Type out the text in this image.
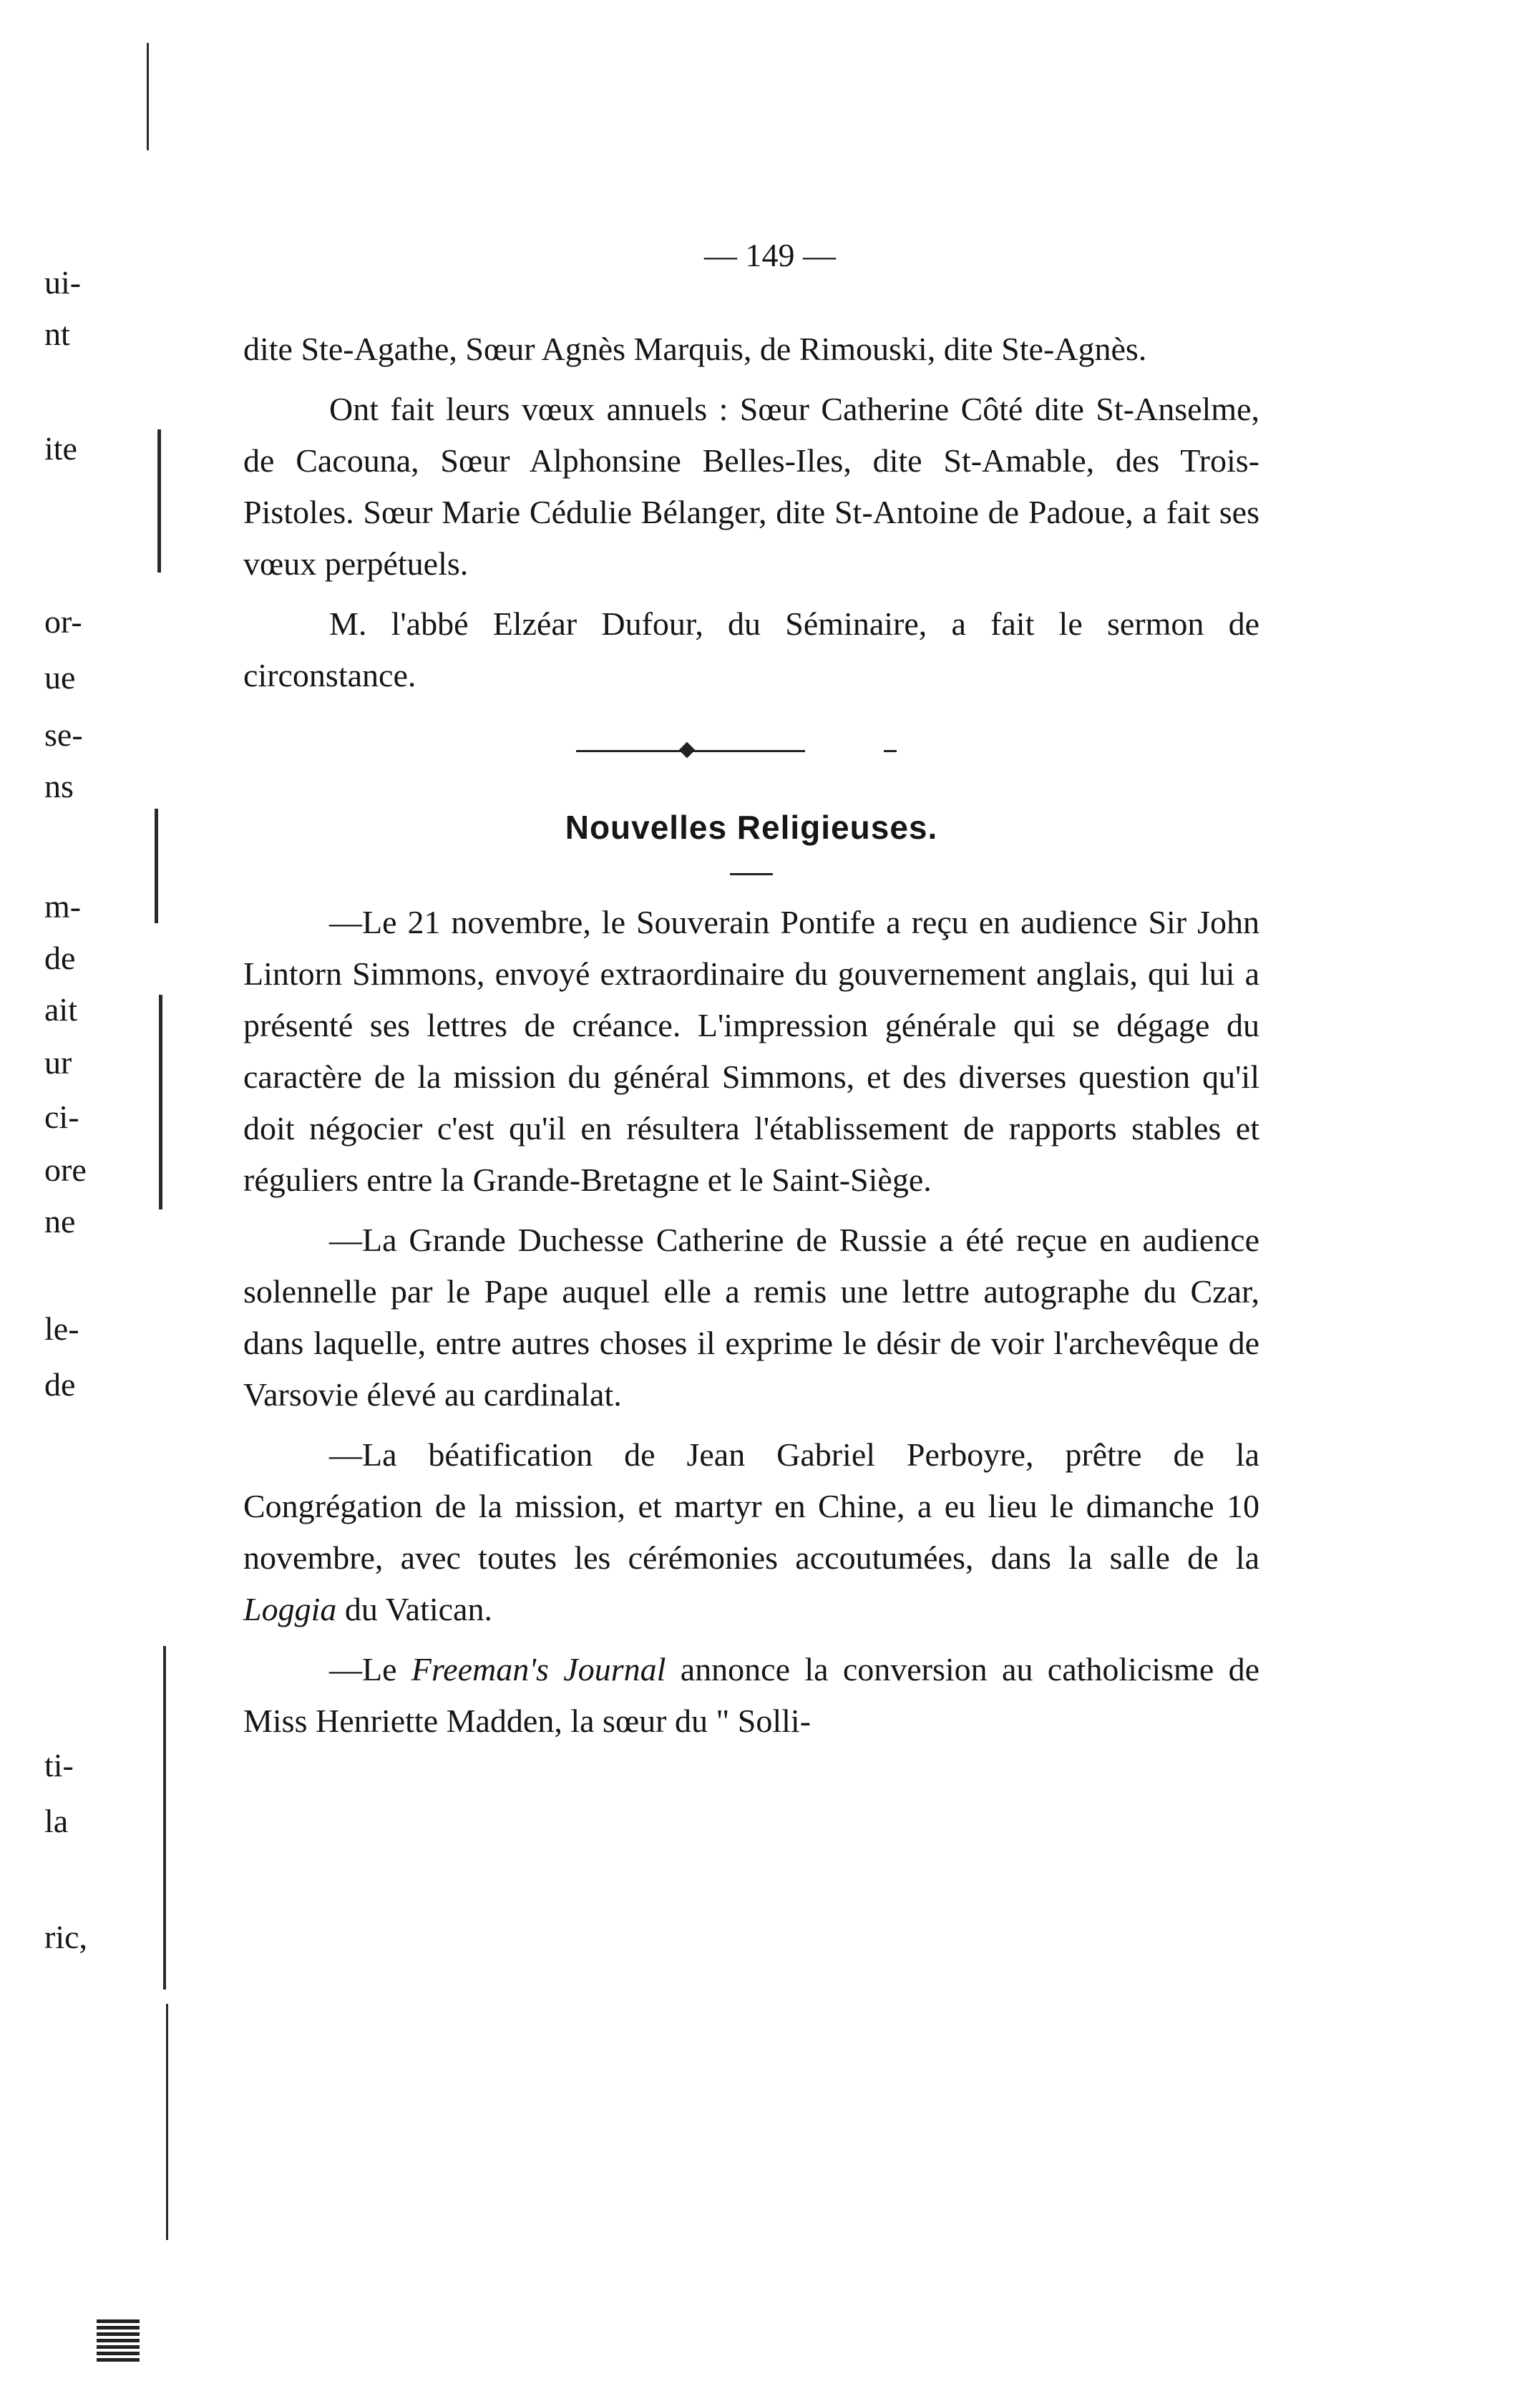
ui-
nt
ite
or-
ue
se-
ns
m-
de
ait
ur
ci-
ore
ne
le-
de
ti-
la
ric,
— 149 —

dite Ste-Agathe, Sœur Agnès Marquis, de Rimouski, dite Ste-Agnès.

Ont fait leurs vœux annuels : Sœur Catherine Côté dite St-Anselme, de Cacouna, Sœur Alphonsine Belles-Iles, dite St-Amable, des Trois-Pistoles. Sœur Marie Cédulie Bélanger, dite St-Antoine de Padoue, a fait ses vœux perpétuels.

M. l'abbé Elzéar Dufour, du Séminaire, a fait le sermon de circonstance.

Nouvelles Religieuses.

—Le 21 novembre, le Souverain Pontife a reçu en audience Sir John Lintorn Simmons, envoyé extraordinaire du gouvernement anglais, qui lui a présenté ses lettres de créance. L'impression générale qui se dégage du caractère de la mission du général Simmons, et des diverses question qu'il doit négocier c'est qu'il en résultera l'établissement de rapports stables et réguliers entre la Grande-Bretagne et le Saint-Siège.

—La Grande Duchesse Catherine de Russie a été reçue en audience solennelle par le Pape auquel elle a remis une lettre autographe du Czar, dans laquelle, entre autres choses il exprime le désir de voir l'archevêque de Varsovie élevé au cardinalat.

—La béatification de Jean Gabriel Perboyre, prêtre de la Congrégation de la mission, et martyr en Chine, a eu lieu le dimanche 10 novembre, avec toutes les cérémonies accoutumées, dans la salle de la Loggia du Vatican.

—Le Freeman's Journal annonce la conversion au catholicisme de Miss Henriette Madden, la sœur du " Solli-
